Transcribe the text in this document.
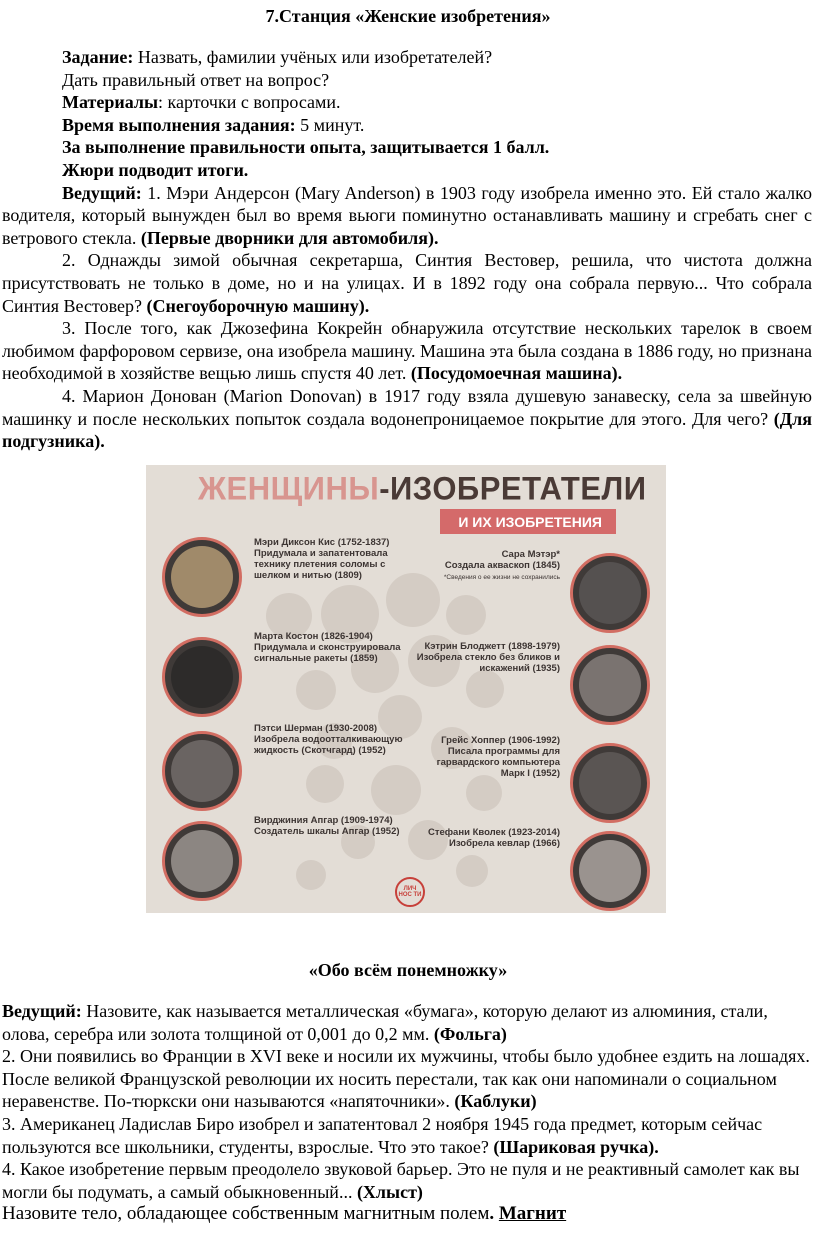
7.Станция «Женские изобретения»

Задание: Назвать, фамилии учёных или изобретателей?

Дать правильный ответ на вопрос?

Материалы: карточки с вопросами.

Время выполнения задания: 5 минут.

За выполнение правильности опыта, защитывается 1 балл.

Жюри подводит итоги.

Ведущий: 1. Мэри Андерсон (Mary Anderson) в 1903 году изобрела именно это. Ей стало жалко водителя, который вынужден был во время вьюги поминутно останавливать машину и сгребать снег с ветрового стекла. (Первые дворники для автомобиля).

2. Однажды зимой обычная секретарша, Синтия Вестовер, решила, что чистота должна присутствовать не только в доме, но и на улицах. И в 1892 году она собрала первую... Что собрала Синтия Вестовер? (Снегоуборочную машину).

3. После того, как Джозефина Кокрейн обнаружила отсутствие нескольких тарелок в своем любимом фарфоровом сервизе, она изобрела машину. Машина эта была создана в 1886 году, но признана необходимой в хозяйстве вещью лишь спустя 40 лет. (Посудомоечная машина).

4. Марион Донован (Marion Donovan) в 1917 году взяла душевую занавеску, села за швейную машинку и после нескольких попыток создала водонепроницаемое покрытие для этого. Для чего? (Для подгузника).

ЖЕНЩИНЫ-ИЗОБРЕТАТЕЛИ
И ИХ ИЗОБРЕТЕНИЯ
Мэри Диксон Кис (1752-1837)
Придумала и запатентовала технику плетения соломы с шелком и нитью (1809)
Марта Костон (1826-1904)
Придумала и сконструировала сигнальные ракеты (1859)
Пэтси Шерман (1930-2008)
Изобрела водоотталкивающую жидкость (Скотчгард) (1952)
Вирджиния Апгар (1909-1974)
Создатель шкалы Апгар (1952)
Сара Мэтэр*
Создала акваскоп (1845)
*Сведения о ее жизни не сохранились
Кэтрин Блоджетт (1898-1979)
Изобрела стекло без бликов и искажений (1935)
Грейс Хоппер (1906-1992)
Писала программы для гарвардского компьютера Марк I (1952)
Стефани Кволек (1923-2014)
Изобрела кевлар (1966)
ЛИЧ НОС ТИ
«Обо всём понемножку»

Ведущий: Назовите, как называется металлическая «бумага», которую делают из алюминия, стали, олова, серебра или золота толщиной от 0,001 до 0,2 мм. (Фольга)

2. Они появились во Франции в XVI веке и носили их мужчины, чтобы было удобнее ездить на лошадях. После великой Французской революции их носить перестали, так как они напоминали о социальном неравенстве. По-тюркски они называются «напяточники». (Каблуки)

3. Американец Ладислав Биро изобрел и запатентовал 2 ноября 1945 года предмет, которым сейчас пользуются все школьники, студенты, взрослые. Что это такое? (Шариковая ручка).

4. Какое изобретение первым преодолело звуковой барьер. Это не пуля и не реактивный самолет как вы могли бы подумать, а самый обыкновенный... (Хлыст)

Назовите тело, обладающее собственным магнитным полем. Магнит
